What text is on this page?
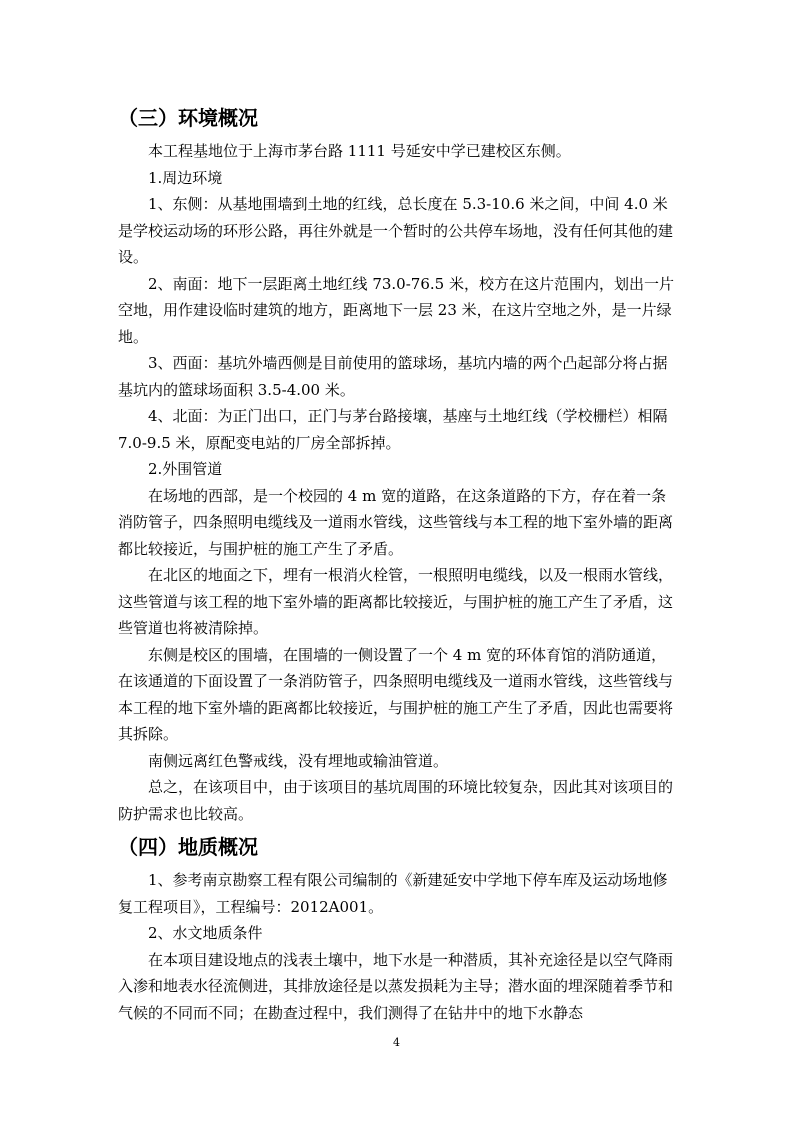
（三）环境概况

本工程基地位于上海市茅台路 1111 号延安中学已建校区东侧。

1.周边环境

1、东侧：从基地围墙到土地的红线，总长度在 5.3-10.6 米之间，中间 4.0 米是学校运动场的环形公路，再往外就是一个暂时的公共停车场地，没有任何其他的建设。

2、南面：地下一层距离土地红线 73.0-76.5 米，校方在这片范围内，划出一片空地，用作建设临时建筑的地方，距离地下一层 23 米，在这片空地之外，是一片绿地。

3、西面：基坑外墙西侧是目前使用的篮球场，基坑内墙的两个凸起部分将占据基坑内的篮球场面积 3.5-4.00 米。

4、北面：为正门出口，正门与茅台路接壤，基座与土地红线（学校栅栏）相隔 7.0-9.5 米，原配变电站的厂房全部拆掉。

2.外围管道

在场地的西部，是一个校园的 4 m 宽的道路，在这条道路的下方，存在着一条消防管子，四条照明电缆线及一道雨水管线，这些管线与本工程的地下室外墙的距离都比较接近，与围护桩的施工产生了矛盾。

在北区的地面之下，埋有一根消火栓管，一根照明电缆线，以及一根雨水管线，这些管道与该工程的地下室外墙的距离都比较接近，与围护桩的施工产生了矛盾，这些管道也将被清除掉。

东侧是校区的围墙，在围墙的一侧设置了一个 4 m 宽的环体育馆的消防通道，在该通道的下面设置了一条消防管子，四条照明电缆线及一道雨水管线，这些管线与本工程的地下室外墙的距离都比较接近，与围护桩的施工产生了矛盾，因此也需要将其拆除。

南侧远离红色警戒线，没有埋地或输油管道。

总之，在该项目中，由于该项目的基坑周围的环境比较复杂，因此其对该项目的防护需求也比较高。

（四）地质概况

1、参考南京勘察工程有限公司编制的《新建延安中学地下停车库及运动场地修复工程项目》，工程编号：2012A001。

2、水文地质条件

在本项目建设地点的浅表土壤中，地下水是一种潜质，其补充途径是以空气降雨入渗和地表水径流侧进，其排放途径是以蒸发损耗为主导；潜水面的埋深随着季节和气候的不同而不同；在勘查过程中，我们测得了在钻井中的地下水静态

4
